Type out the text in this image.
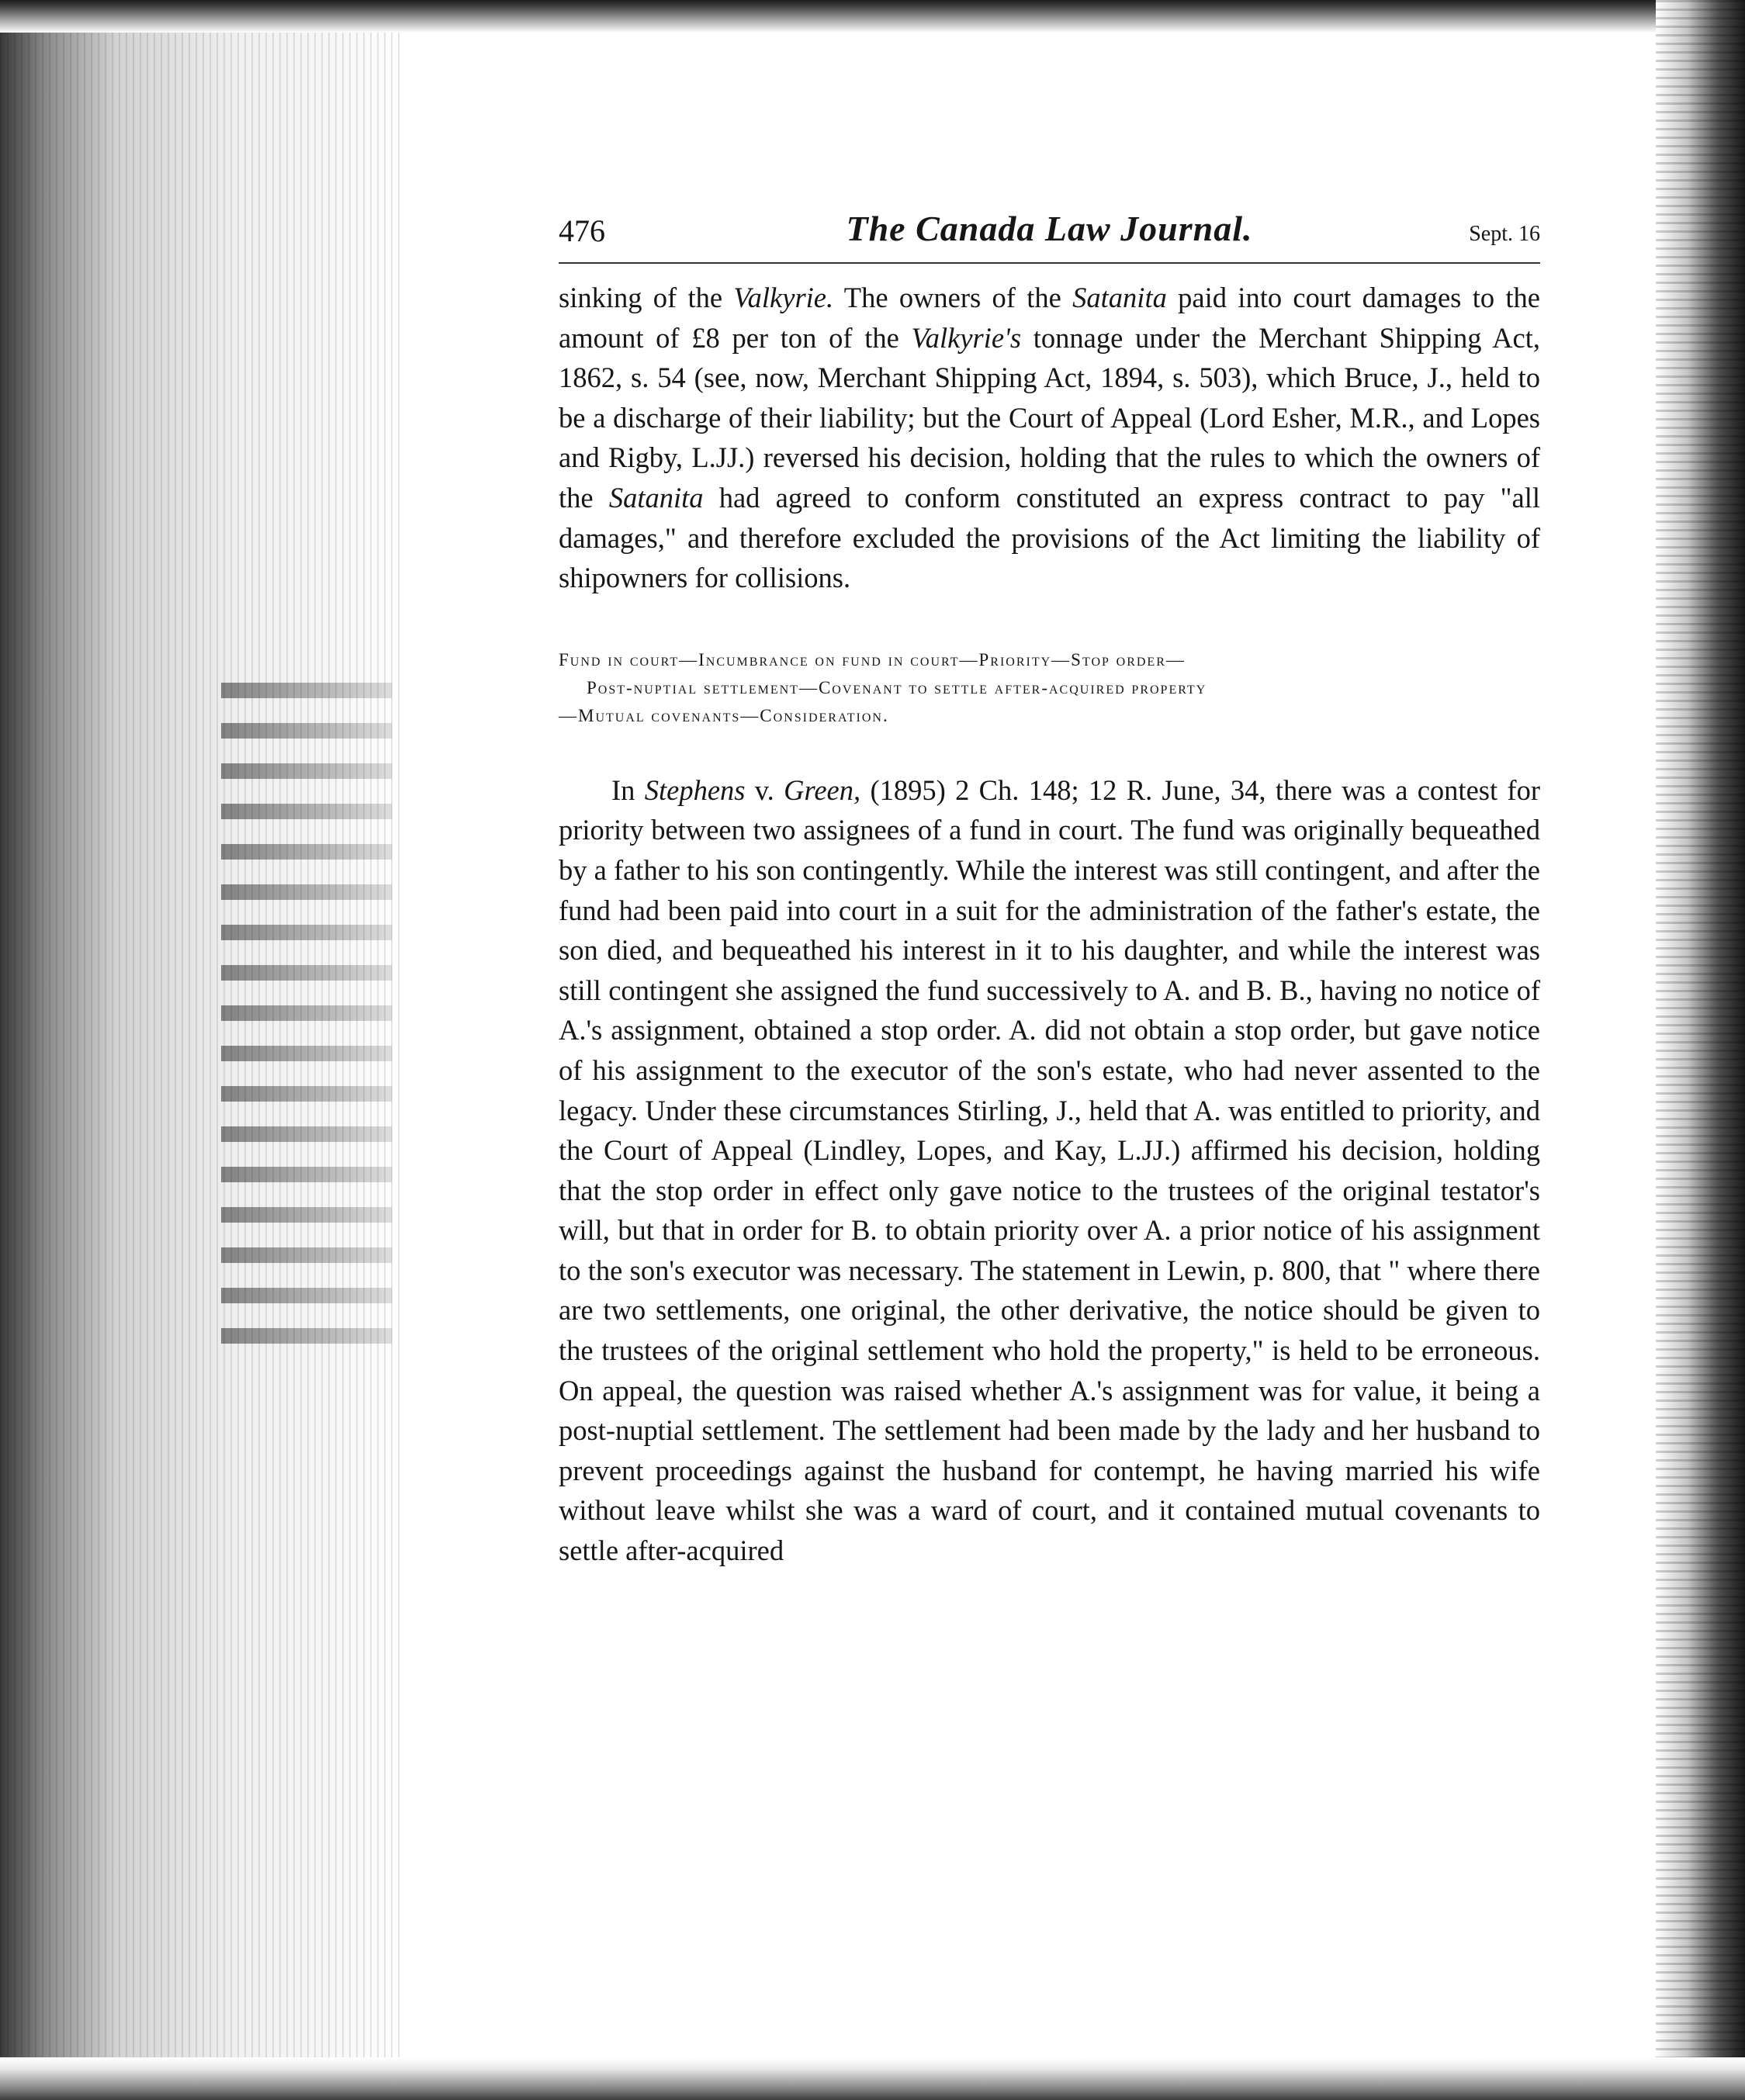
476	The Canada Law Journal.	Sept. 16

sinking of the Valkyrie. The owners of the Satanita paid into court damages to the amount of £8 per ton of the Valkyrie's tonnage under the Merchant Shipping Act, 1862, s. 54 (see, now, Merchant Shipping Act, 1894, s. 503), which Bruce, J., held to be a discharge of their liability; but the Court of Appeal (Lord Esher, M.R., and Lopes and Rigby, L.JJ.) reversed his decision, holding that the rules to which the owners of the Satanita had agreed to conform constituted an express contract to pay "all damages," and therefore excluded the provisions of the Act limiting the liability of shipowners for collisions.

Fund in court—Incumbrance on fund in court—Priority—Stop order—
Post-nuptial settlement—Covenant to settle after-acquired property
—Mutual covenants—Consideration.

In Stephens v. Green, (1895) 2 Ch. 148; 12 R. June, 34, there was a contest for priority between two assignees of a fund in court. The fund was originally bequeathed by a father to his son contingently. While the interest was still contingent, and after the fund had been paid into court in a suit for the administration of the father's estate, the son died, and bequeathed his interest in it to his daughter, and while the interest was still contingent she assigned the fund successively to A. and B. B., having no notice of A.'s assignment, obtained a stop order. A. did not obtain a stop order, but gave notice of his assignment to the executor of the son's estate, who had never assented to the legacy. Under these circumstances Stirling, J., held that A. was entitled to priority, and the Court of Appeal (Lindley, Lopes, and Kay, L.JJ.) affirmed his decision, holding that the stop order in effect only gave notice to the trustees of the original testator's will, but that in order for B. to obtain priority over A. a prior notice of his assignment to the son's executor was necessary. The statement in Lewin, p. 800, that " where there are two settlements, one original, the other derivative, the notice should be given to the trustees of the original settlement who hold the property," is held to be erroneous. On appeal, the question was raised whether A.'s assignment was for value, it being a post-nuptial settlement. The settlement had been made by the lady and her husband to prevent proceedings against the husband for contempt, he having married his wife without leave whilst she was a ward of court, and it contained mutual covenants to settle after-acquired
